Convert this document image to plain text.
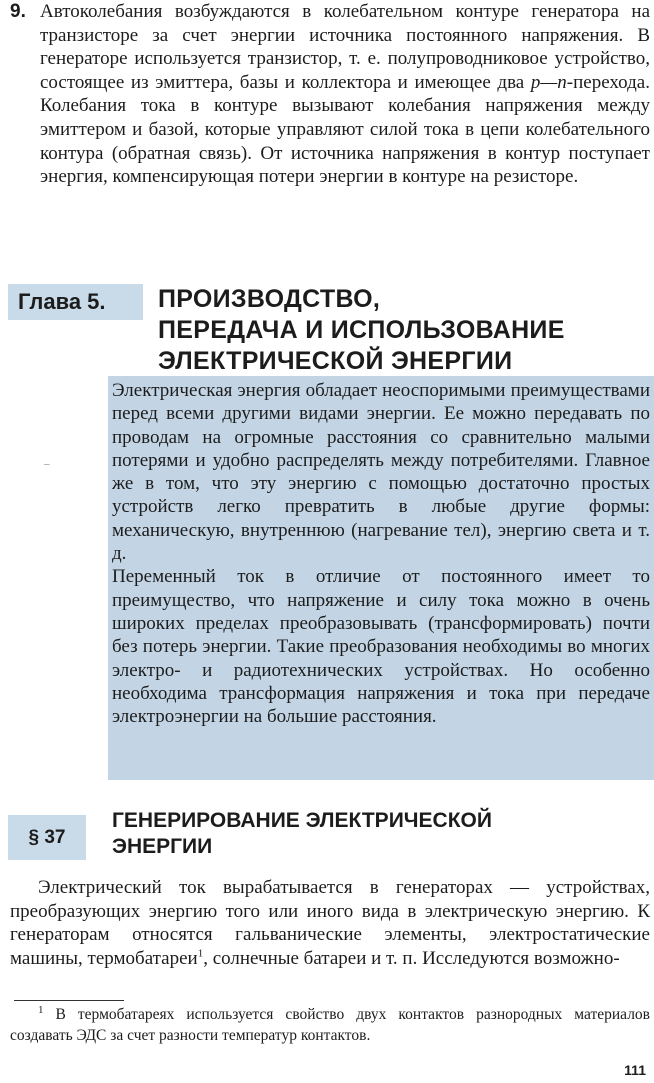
9. Автоколебания возбуждаются в колебательном контуре генератора на транзисторе за счет энергии источника постоянного напряжения. В генераторе используется транзистор, т. е. полупроводниковое устройство, состоящее из эмиттера, базы и коллектора и имеющее два p—n-перехода. Колебания тока в контуре вызывают колебания напряжения между эмиттером и базой, которые управляют силой тока в цепи колебательного контура (обратная связь). От источника напряжения в контур поступает энергия, компенсирующая потери энергии в контуре на резисторе.
Глава 5.	ПРОИЗВОДСТВО,
ПЕРЕДАЧА И ИСПОЛЬЗОВАНИЕ
ЭЛЕКТРИЧЕСКОЙ ЭНЕРГИИ

Электрическая энергия обладает неоспоримыми преимуществами перед всеми другими видами энергии. Ее можно передавать по проводам на огромные расстояния со сравнительно малыми потерями и удобно распределять между потребителями. Главное же в том, что эту энергию с помощью достаточно простых устройств легко превратить в любые другие формы: механическую, внутреннюю (нагревание тел), энергию света и т. д.

Переменный ток в отличие от постоянного имеет то преимущество, что напряжение и силу тока можно в очень широких пределах преобразовывать (трансформировать) почти без потерь энергии. Такие преобразования необходимы во многих электро- и радиотехнических устройствах. Но особенно необходима трансформация напряжения и тока при передаче электроэнергии на большие расстояния.

–
§ 37
ГЕНЕРИРОВАНИЕ ЭЛЕКТРИЧЕСКОЙ
ЭНЕРГИИ
Электрический ток вырабатывается в генераторах — устройствах, преобразующих энергию того или иного вида в электрическую энергию. К генераторам относятся гальванические элементы, электростатические машины, термобатареи$^1$, солнечные батареи и т. п. Исследуются возможно-
$^1$ В термобатареях используется свойство двух контактов разнородных материалов создавать ЭДС за счет разности температур контактов.
111
